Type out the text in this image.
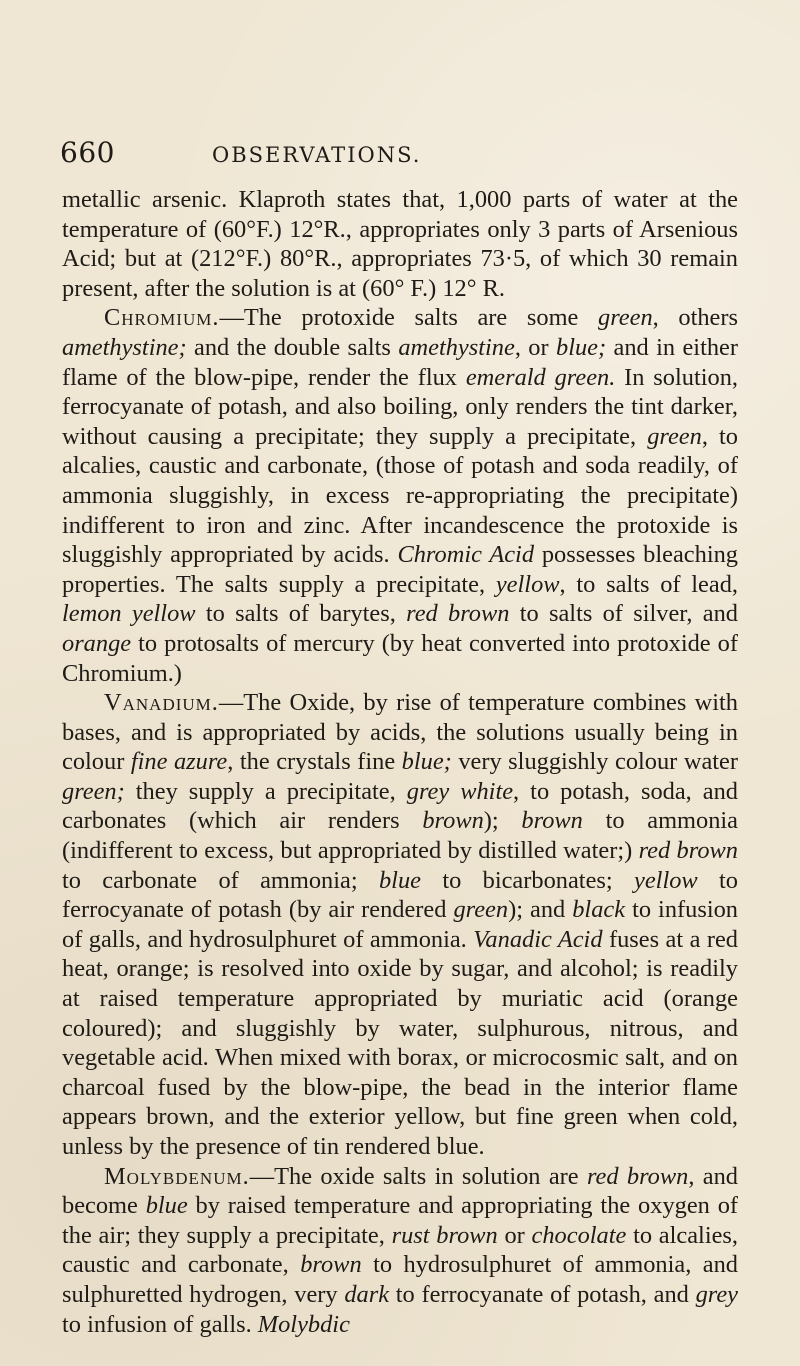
660	OBSERVATIONS.

metallic arsenic. Klaproth states that, 1,000 parts of water at the temperature of (60°F.) 12°R., appropriates only 3 parts of Arsenious Acid; but at (212°F.) 80°R., appropriates 73·5, of which 30 remain present, after the solution is at (60° F.) 12° R.

Chromium.—The protoxide salts are some green, others amethystine; and the double salts amethystine, or blue; and in either flame of the blow-pipe, render the flux emerald green. In solution, ferrocyanate of potash, and also boiling, only renders the tint darker, without causing a precipitate; they supply a precipitate, green, to alcalies, caustic and carbonate, (those of potash and soda readily, of ammonia sluggishly, in excess re-appropriating the precipitate) indifferent to iron and zinc. After incandescence the protoxide is sluggishly appropriated by acids. Chromic Acid possesses bleaching properties. The salts supply a precipitate, yellow, to salts of lead, lemon yellow to salts of barytes, red brown to salts of silver, and orange to protosalts of mercury (by heat converted into protoxide of Chromium.)

Vanadium.—The Oxide, by rise of temperature combines with bases, and is appropriated by acids, the solutions usually being in colour fine azure, the crystals fine blue; very sluggishly colour water green; they supply a precipitate, grey white, to potash, soda, and carbonates (which air renders brown); brown to ammonia (indifferent to excess, but appropriated by distilled water;) red brown to carbonate of ammonia; blue to bicarbonates; yellow to ferrocyanate of potash (by air rendered green); and black to infusion of galls, and hydrosulphuret of ammonia. Vanadic Acid fuses at a red heat, orange; is resolved into oxide by sugar, and alcohol; is readily at raised temperature appropriated by muriatic acid (orange coloured); and sluggishly by water, sulphurous, nitrous, and vegetable acid. When mixed with borax, or microcosmic salt, and on charcoal fused by the blow-pipe, the bead in the interior flame appears brown, and the exterior yellow, but fine green when cold, unless by the presence of tin rendered blue.

Molybdenum.—The oxide salts in solution are red brown, and become blue by raised temperature and appropriating the oxygen of the air; they supply a precipitate, rust brown or chocolate to alcalies, caustic and carbonate, brown to hydrosulphuret of ammonia, and sulphuretted hydrogen, very dark to ferrocyanate of potash, and grey to infusion of galls. Molybdic
